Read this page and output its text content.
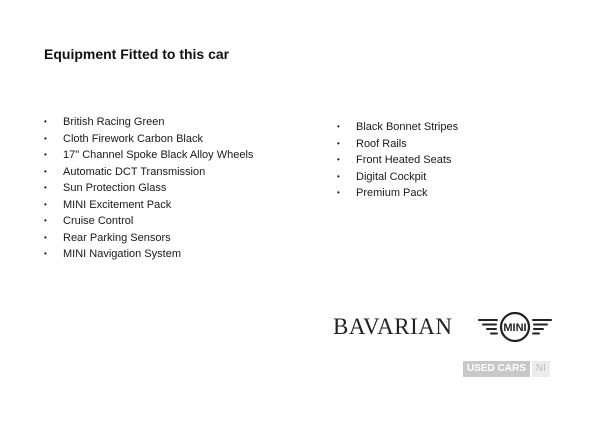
Equipment Fitted to this car
• British Racing Green
• Cloth Firework Carbon Black
• 17" Channel Spoke Black Alloy Wheels
• Automatic DCT Transmission
• Sun Protection Glass
• MINI Excitement Pack
• Cruise Control
• Rear Parking Sensors
• MINI Navigation System
• Black Bonnet Stripes
• Roof Rails
• Front Heated Seats
• Digital Cockpit
• Premium Pack
BAVARIAN	MINI
USED CARS	NI
